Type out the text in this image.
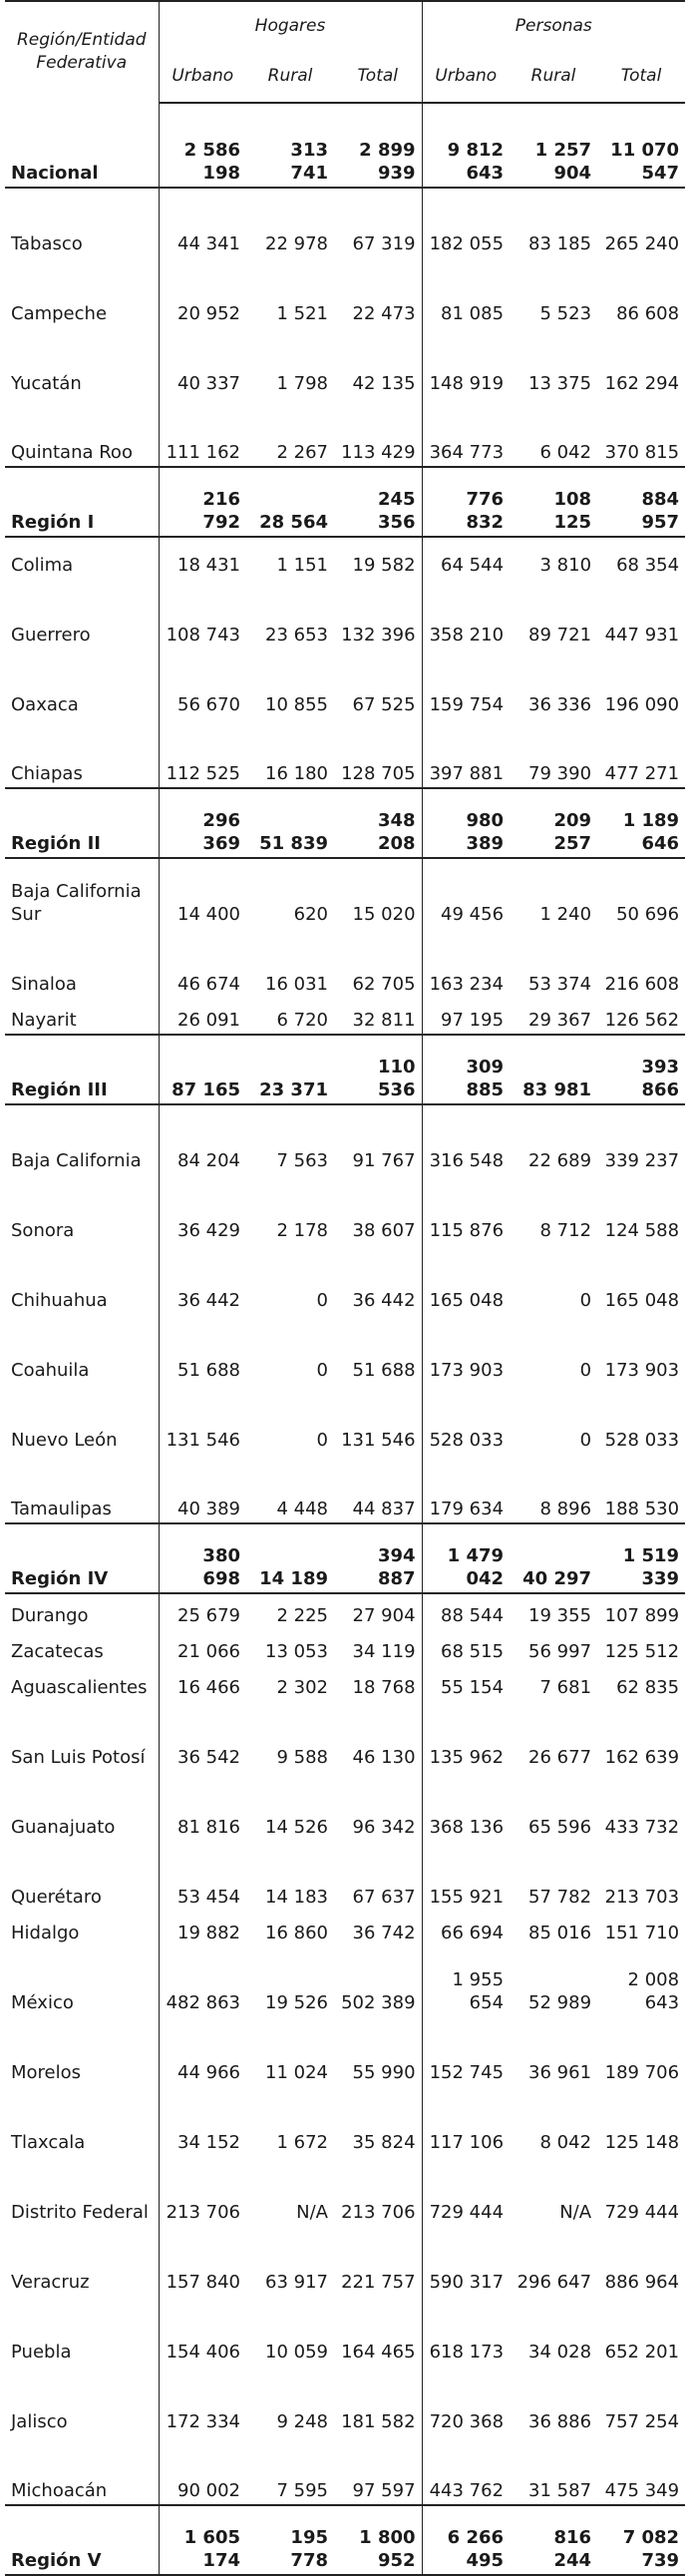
Región/Entidad Federativa	Hogares			Personas		
	Urbano	Rural	Total	Urbano	Rural	Total
Nacional	2 586 198	313 741	2 899 939	9 812 643	1 257 904	11 070 547
Tabasco	44 341	22 978	67 319	182 055	83 185	265 240
Campeche	20 952	1 521	22 473	81 085	5 523	86 608
Yucatán	40 337	1 798	42 135	148 919	13 375	162 294
Quintana Roo	111 162	2 267	113 429	364 773	6 042	370 815
Región I	216 792	28 564	245 356	776 832	108 125	884 957
Colima	18 431	1 151	19 582	64 544	3 810	68 354
Guerrero	108 743	23 653	132 396	358 210	89 721	447 931
Oaxaca	56 670	10 855	67 525	159 754	36 336	196 090
Chiapas	112 525	16 180	128 705	397 881	79 390	477 271
Región II	296 369	51 839	348 208	980 389	209 257	1 189 646
Baja California Sur	14 400	620	15 020	49 456	1 240	50 696
Sinaloa	46 674	16 031	62 705	163 234	53 374	216 608
Nayarit	26 091	6 720	32 811	97 195	29 367	126 562
Región III	87 165	23 371	110 536	309 885	83 981	393 866
Baja California	84 204	7 563	91 767	316 548	22 689	339 237
Sonora	36 429	2 178	38 607	115 876	8 712	124 588
Chihuahua	36 442	0	36 442	165 048	0	165 048
Coahuila	51 688	0	51 688	173 903	0	173 903
Nuevo León	131 546	0	131 546	528 033	0	528 033
Tamaulipas	40 389	4 448	44 837	179 634	8 896	188 530
Región IV	380 698	14 189	394 887	1 479 042	40 297	1 519 339
Durango	25 679	2 225	27 904	88 544	19 355	107 899
Zacatecas	21 066	13 053	34 119	68 515	56 997	125 512
Aguascalientes	16 466	2 302	18 768	55 154	7 681	62 835
San Luis Potosí	36 542	9 588	46 130	135 962	26 677	162 639
Guanajuato	81 816	14 526	96 342	368 136	65 596	433 732
Querétaro	53 454	14 183	67 637	155 921	57 782	213 703
Hidalgo	19 882	16 860	36 742	66 694	85 016	151 710
México	482 863	19 526	502 389	1 955 654	52 989	2 008 643
Morelos	44 966	11 024	55 990	152 745	36 961	189 706
Tlaxcala	34 152	1 672	35 824	117 106	8 042	125 148
Distrito Federal	213 706	N/A	213 706	729 444	N/A	729 444
Veracruz	157 840	63 917	221 757	590 317	296 647	886 964
Puebla	154 406	10 059	164 465	618 173	34 028	652 201
Jalisco	172 334	9 248	181 582	720 368	36 886	757 254
Michoacán	90 002	7 595	97 597	443 762	31 587	475 349
Región V	1 605 174	195 778	1 800 952	6 266 495	816 244	7 082 739
